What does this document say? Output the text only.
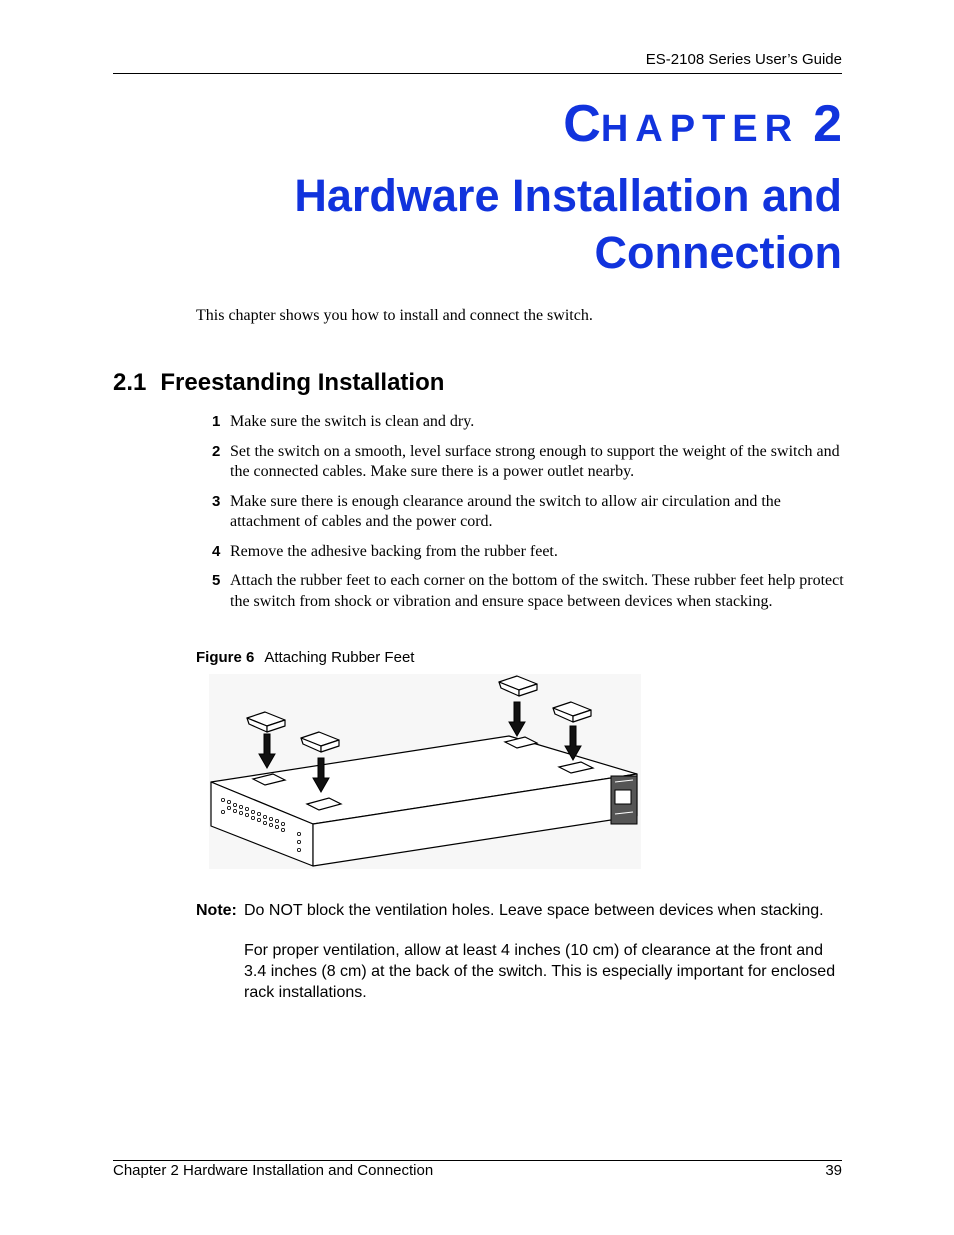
ES-2108 Series User’s Guide
CHAPTER 2
Hardware Installation and
Connection
This chapter shows you how to install and connect the switch.
2.1 Freestanding Installation
1 Make sure the switch is clean and dry.
2 Set the switch on a smooth, level surface strong enough to support the weight of the switch and the connected cables. Make sure there is a power outlet nearby.
3 Make sure there is enough clearance around the switch to allow air circulation and the attachment of cables and the power cord.
4 Remove the adhesive backing from the rubber feet.
5 Attach the rubber feet to each corner on the bottom of the switch. These rubber feet help protect the switch from shock or vibration and ensure space between devices when stacking.
Figure 6 Attaching Rubber Feet
Note: Do NOT block the ventilation holes. Leave space between devices when stacking.

For proper ventilation, allow at least 4 inches (10 cm) of clearance at the front and 3.4 inches (8 cm) at the back of the switch. This is especially important for enclosed rack installations.

Chapter 2 Hardware Installation and Connection	39
